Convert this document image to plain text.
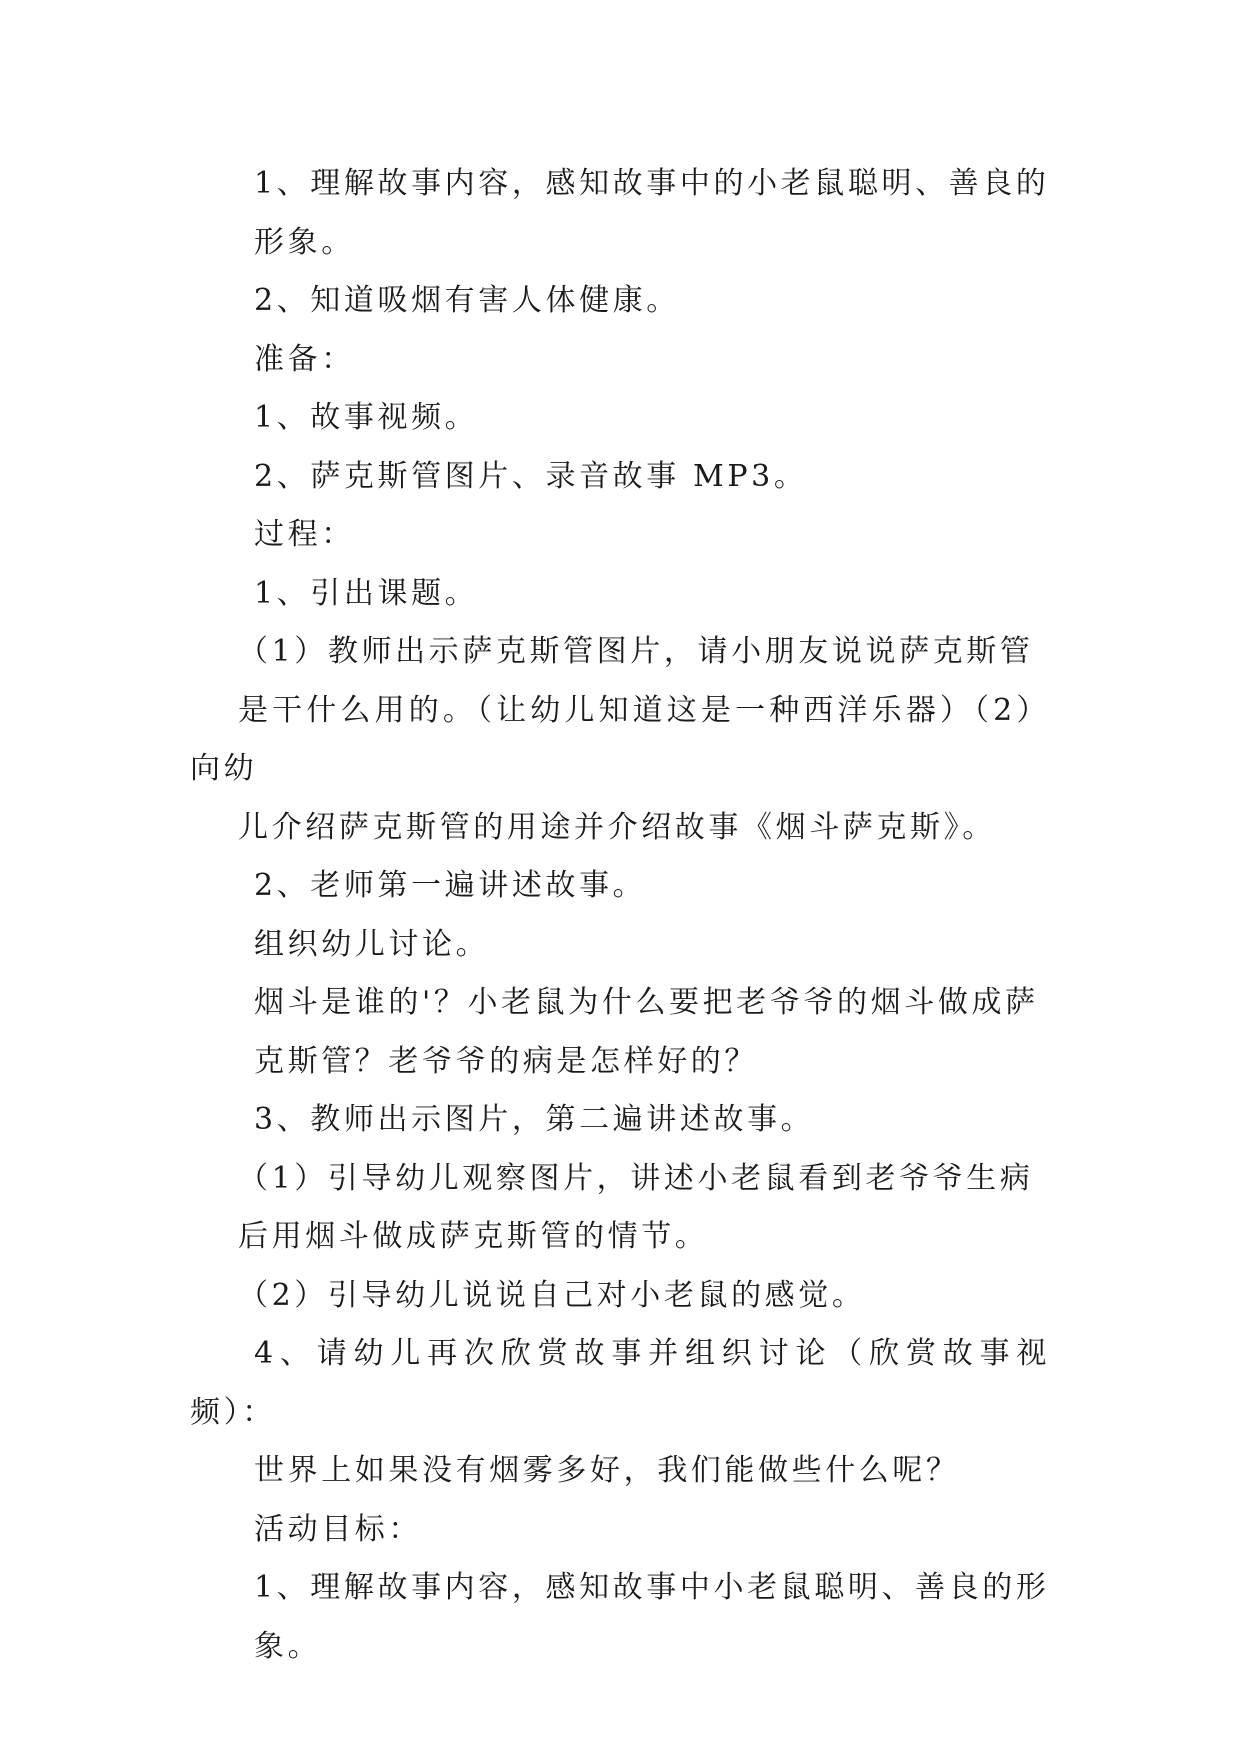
1、理解故事内容，感知故事中的小老鼠聪明、善良的
形象。

2、知道吸烟有害人体健康。

准备：

1、故事视频。

2、萨克斯管图片、录音故事 MP3。

过程：

1、引出课题。

（1）教师出示萨克斯管图片，请小朋友说说萨克斯管
是干什么用的。（让幼儿知道这是一种西洋乐器）（2）向幼
儿介绍萨克斯管的用途并介绍故事《烟斗萨克斯》。

2、老师第一遍讲述故事。

组织幼儿讨论。

烟斗是谁的'？小老鼠为什么要把老爷爷的烟斗做成萨
克斯管？老爷爷的病是怎样好的？

3、教师出示图片，第二遍讲述故事。

（1）引导幼儿观察图片，讲述小老鼠看到老爷爷生病
后用烟斗做成萨克斯管的情节。

（2）引导幼儿说说自己对小老鼠的感觉。

4、请幼儿再次欣赏故事并组织讨论（欣赏故事视频）：
世界上如果没有烟雾多好，我们能做些什么呢？

活动目标：

1、理解故事内容，感知故事中小老鼠聪明、善良的形
象。
